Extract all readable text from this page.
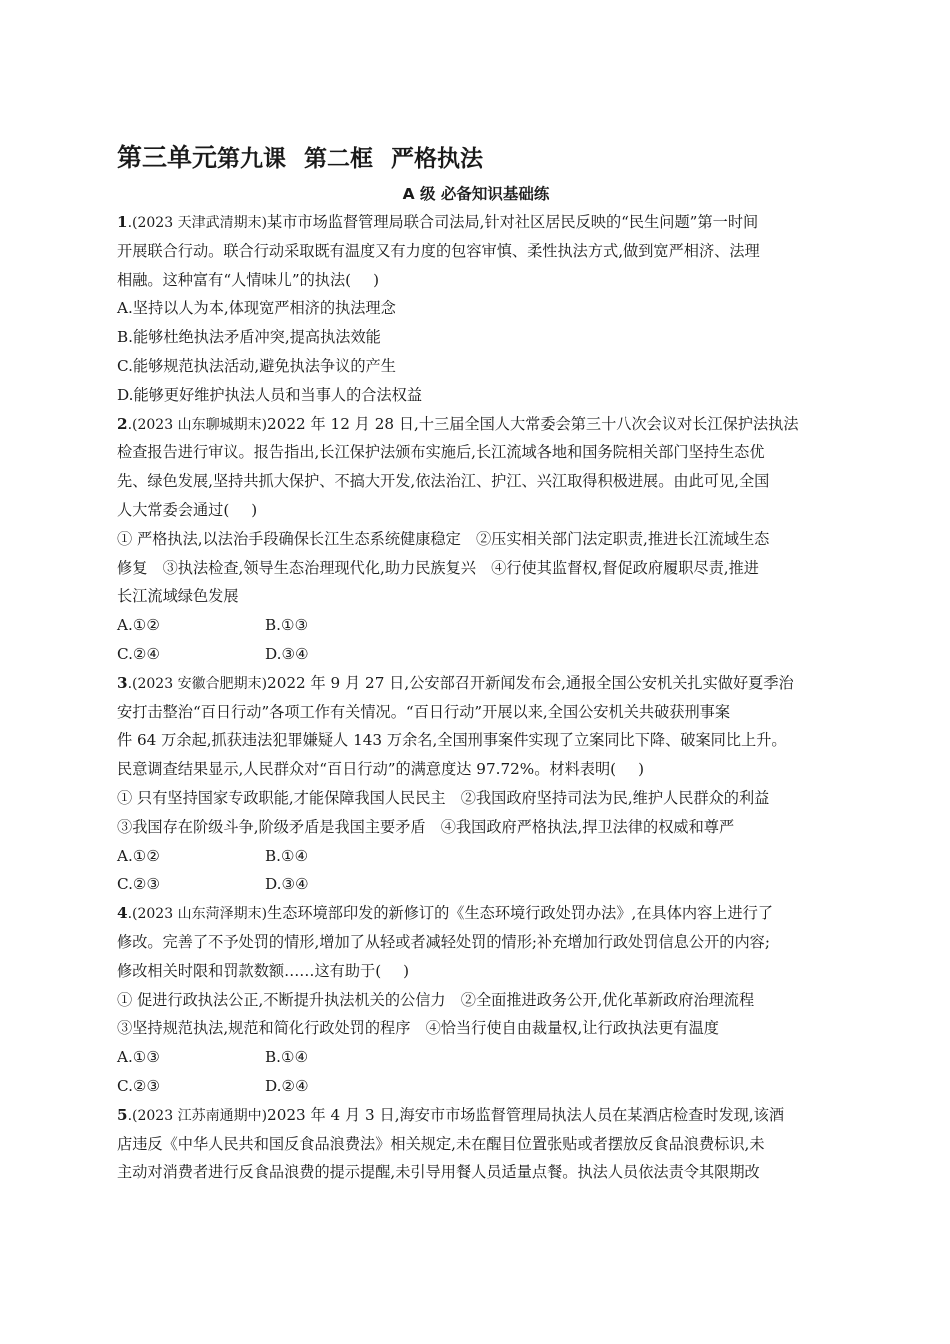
第三单元第九课 第二框 严格执法
A 级 必备知识基础练
1.(2023 天津武清期末)某市市场监督管理局联合司法局,针对社区居民反映的“民生问题”第一时间
开展联合行动。联合行动采取既有温度又有力度的包容审慎、柔性执法方式,做到宽严相济、法理
相融。这种富有“人情味儿”的执法( )
A.坚持以人为本,体现宽严相济的执法理念
B.能够杜绝执法矛盾冲突,提高执法效能
C.能够规范执法活动,避免执法争议的产生
D.能够更好维护执法人员和当事人的合法权益
2.(2023 山东聊城期末)2022 年 12 月 28 日,十三届全国人大常委会第三十八次会议对长江保护法执法
检查报告进行审议。报告指出,长江保护法颁布实施后,长江流域各地和国务院相关部门坚持生态优
先、绿色发展,坚持共抓大保护、不搞大开发,依法治江、护江、兴江取得积极进展。由此可见,全国
人大常委会通过( )
① 严格执法,以法治手段确保长江生态系统健康稳定　②压实相关部门法定职责,推进长江流域生态
修复　③执法检查,领导生态治理现代化,助力民族复兴　④行使其监督权,督促政府履职尽责,推进
长江流域绿色发展
A.①②	B.①③
C.②④	D.③④
3.(2023 安徽合肥期末)2022 年 9 月 27 日,公安部召开新闻发布会,通报全国公安机关扎实做好夏季治
安打击整治“百日行动”各项工作有关情况。“百日行动”开展以来,全国公安机关共破获刑事案
件 64 万余起,抓获违法犯罪嫌疑人 143 万余名,全国刑事案件实现了立案同比下降、破案同比上升。
民意调查结果显示,人民群众对“百日行动”的满意度达 97.72%。材料表明( )
① 只有坚持国家专政职能,才能保障我国人民民主　②我国政府坚持司法为民,维护人民群众的利益
③我国存在阶级斗争,阶级矛盾是我国主要矛盾　④我国政府严格执法,捍卫法律的权威和尊严
A.①②	B.①④
C.②③	D.③④
4.(2023 山东菏泽期末)生态环境部印发的新修订的《生态环境行政处罚办法》,在具体内容上进行了
修改。完善了不予处罚的情形,增加了从轻或者减轻处罚的情形;补充增加行政处罚信息公开的内容;
修改相关时限和罚款数额……这有助于( )
① 促进行政执法公正,不断提升执法机关的公信力　②全面推进政务公开,优化革新政府治理流程
③坚持规范执法,规范和简化行政处罚的程序　④恰当行使自由裁量权,让行政执法更有温度
A.①③	B.①④
C.②③	D.②④
5.(2023 江苏南通期中)2023 年 4 月 3 日,海安市市场监督管理局执法人员在某酒店检查时发现,该酒
店违反《中华人民共和国反食品浪费法》相关规定,未在醒目位置张贴或者摆放反食品浪费标识,未
主动对消费者进行反食品浪费的提示提醒,未引导用餐人员适量点餐。执法人员依法责令其限期改
